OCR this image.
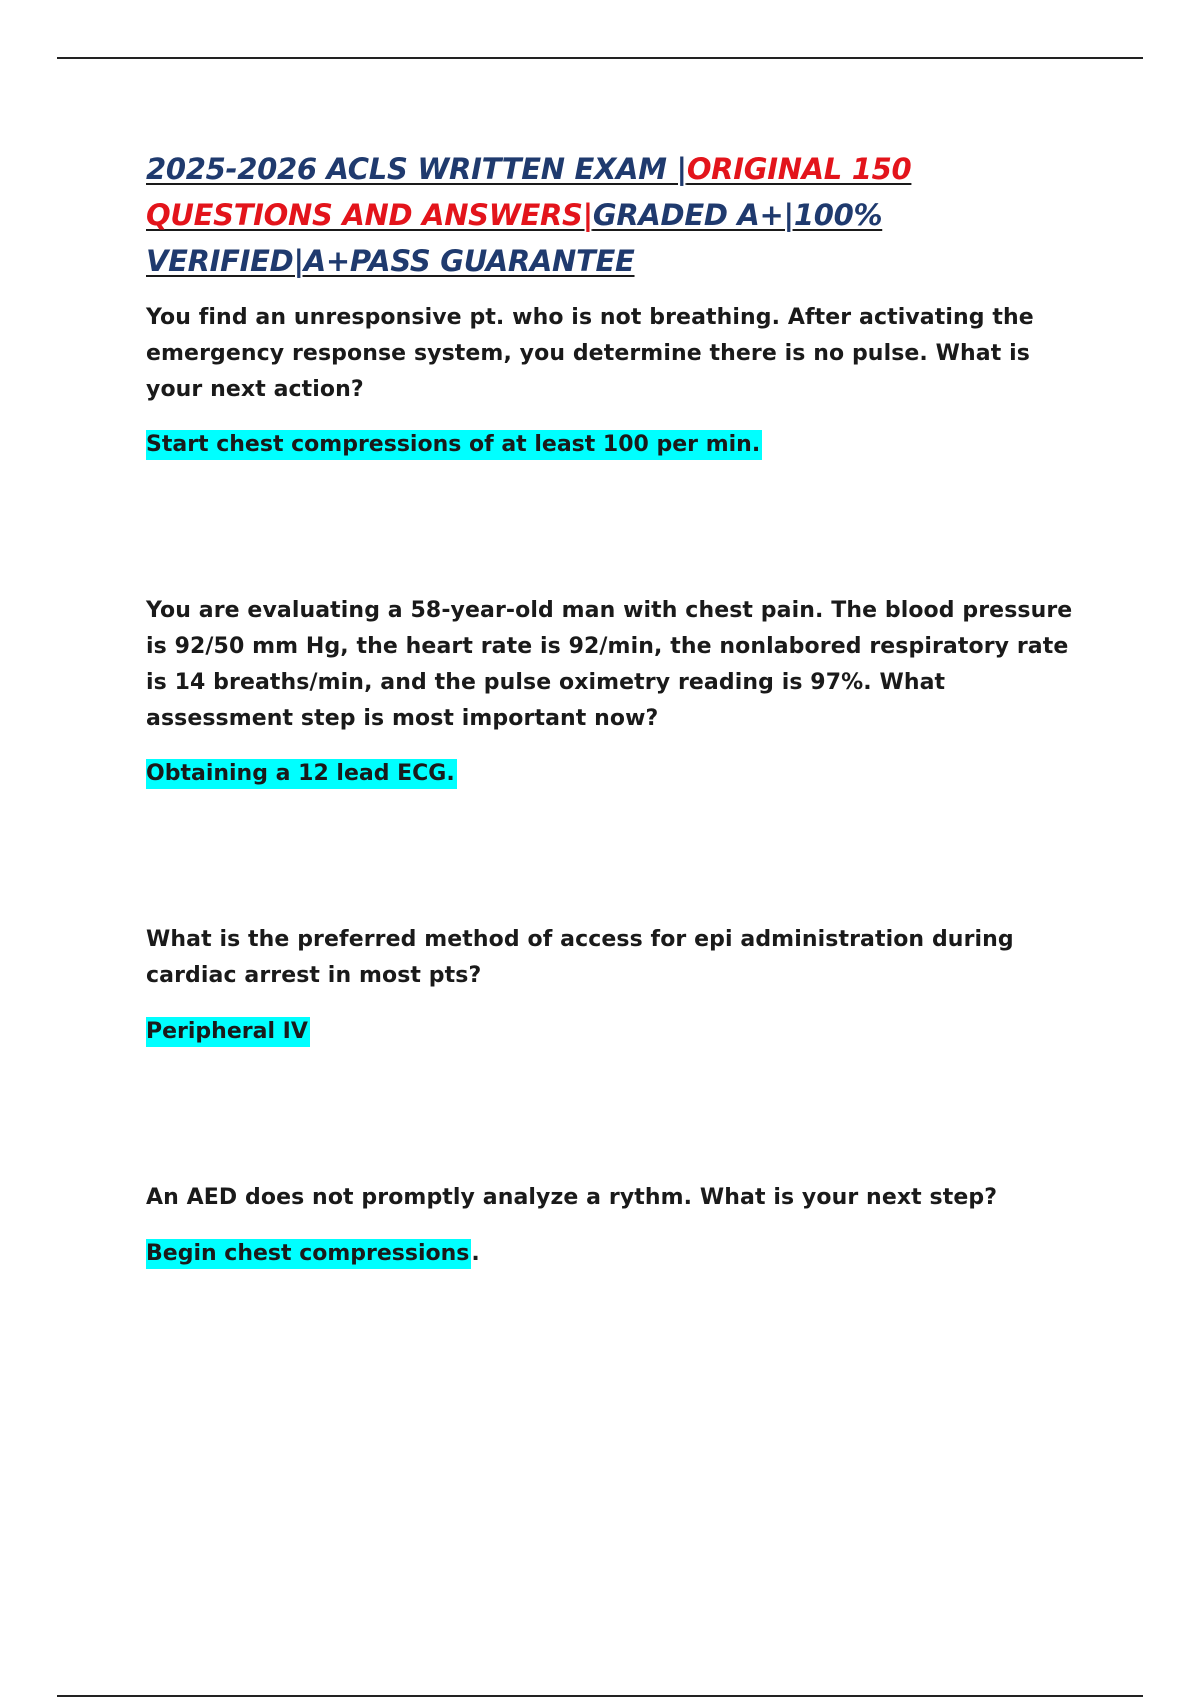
2025-2026 ACLS WRITTEN EXAM |ORIGINAL 150 QUESTIONS AND ANSWERS|GRADED A+|100% VERIFIED|A+PASS GUARANTEE

You find an unresponsive pt. who is not breathing. After activating the emergency response system, you determine there is no pulse. What is your next action?

Start chest compressions of at least 100 per min.

You are evaluating a 58-year-old man with chest pain. The blood pressure is 92/50 mm Hg, the heart rate is 92/min, the nonlabored respiratory rate is 14 breaths/min, and the pulse oximetry reading is 97%. What assessment step is most important now?

Obtaining a 12 lead ECG.

What is the preferred method of access for epi administration during cardiac arrest in most pts?

Peripheral IV

An AED does not promptly analyze a rythm. What is your next step?

Begin chest compressions.
